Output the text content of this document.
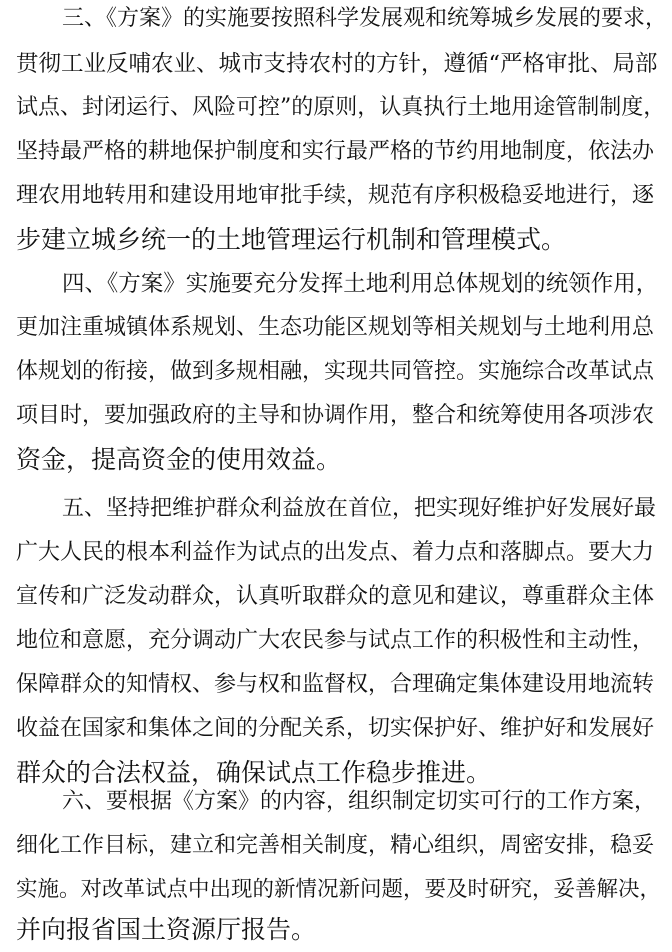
三、《方案》的实施要按照科学发展观和统筹城乡发展的要求，
贯彻工业反哺农业、城市支持农村的方针，遵循“严格审批、局部
试点、封闭运行、风险可控”的原则，认真执行土地用途管制制度，
坚持最严格的耕地保护制度和实行最严格的节约用地制度，依法办
理农用地转用和建设用地审批手续，规范有序积极稳妥地进行，逐
步建立城乡统一的土地管理运行机制和管理模式。
四、《方案》实施要充分发挥土地利用总体规划的统领作用，
更加注重城镇体系规划、生态功能区规划等相关规划与土地利用总
体规划的衔接，做到多规相融，实现共同管控。实施综合改革试点
项目时，要加强政府的主导和协调作用，整合和统筹使用各项涉农
资金，提高资金的使用效益。
五、坚持把维护群众利益放在首位，把实现好维护好发展好最
广大人民的根本利益作为试点的出发点、着力点和落脚点。要大力
宣传和广泛发动群众，认真听取群众的意见和建议，尊重群众主体
地位和意愿，充分调动广大农民参与试点工作的积极性和主动性，
保障群众的知情权、参与权和监督权，合理确定集体建设用地流转
收益在国家和集体之间的分配关系，切实保护好、维护好和发展好
群众的合法权益，确保试点工作稳步推进。
六、要根据《方案》的内容，组织制定切实可行的工作方案，
细化工作目标，建立和完善相关制度，精心组织，周密安排，稳妥
实施。对改革试点中出现的新情况新问题，要及时研究，妥善解决，
并向报省国土资源厅报告。
